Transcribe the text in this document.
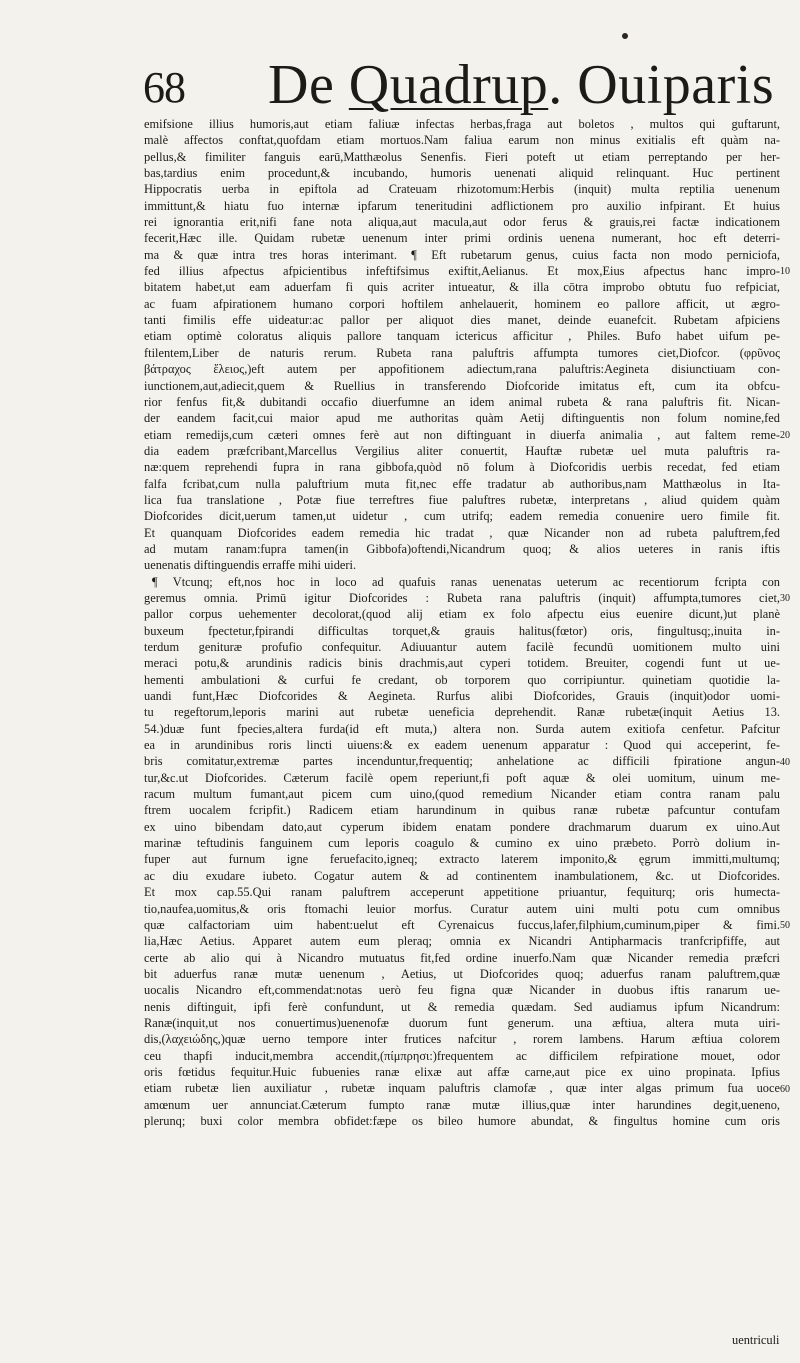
68 De Quadrup. Ouiparis
emifsione illius humoris,aut etiam faliuæ infectas herbas,fraga aut boletos , multos qui guftarunt,
malè affectos conftat,quofdam etiam mortuos.Nam faliua earum non minus exitialis eft quàm na-
pellus,& fimiliter fanguis earū,Matthæolus Senenfis. Fieri poteft ut etiam perreptando per her-
bas,tardius enim procedunt,& incubando, humoris uenenati aliquid relinquant. Huc pertinent
Hippocratis uerba in epiftola ad Crateuam rhizotomum:Herbis (inquit) multa reptilia uenenum
immittunt,& hiatu fuo internæ ipfarum teneritudini adflictionem pro auxilio infpirant. Et huius
rei ignorantia erit,nifi fane nota aliqua,aut macula,aut odor ferus & grauis,rei factæ indicationem
fecerit,Hæc ille. Quidam rubetæ uenenum inter primi ordinis uenena numerant, hoc eft deterri-
ma & quæ intra tres horas interimant. ¶ Eft rubetarum genus, cuius facta non modo perniciofa,
fed illius afpectus afpicientibus infeftifsimus exiftit,Aelianus. Et mox,Eius afpectus hanc impro-
bitatem habet,ut eam aduerfam fi quis acriter intueatur, & illa cōtra improbo obtutu fuo refpiciat,
ac fuam afpirationem humano corpori hoftilem anhelauerit, hominem eo pallore afficit, ut ægro-
tanti fimilis effe uideatur:ac pallor per aliquot dies manet, deinde euanefcit. Rubetam afpiciens
etiam optimè coloratus aliquis pallore tanquam ictericus afficitur , Philes. Bufo habet uifum pe-
ftilentem,Liber de naturis rerum. Rubeta rana paluftris affumpta tumores ciet,Diofcor. (φρῦνος
βάτραχος ἕλειος,)eft autem per appofitionem adiectum,rana paluftris:Aegineta disiunctiuam con-
iunctionem,aut,adiecit,quem & Ruellius in transferendo Diofcoride imitatus eft, cum ita obfcu-
rior fenfus fit,& dubitandi occafio diuerfumne an idem animal rubeta & rana paluftris fit. Nican-
der eandem facit,cui maior apud me authoritas quàm Aetij diftinguentis non folum nomine,fed
etiam remedijs,cum cæteri omnes ferè aut non diftinguant in diuerfa animalia , aut faltem reme-
dia eadem præfcribant,Marcellus Vergilius aliter conuertit, Hauftæ rubetæ uel muta paluftris ra-
næ:quem reprehendi fupra in rana gibbofa,quòd nō folum à Diofcoridis uerbis recedat, fed etiam
falfa fcribat,cum nulla paluftrium muta fit,nec effe tradatur ab authoribus,nam Matthæolus in Ita-
lica fua translatione , Potæ fiue terreftres fiue paluftres rubetæ, interpretans , aliud quidem quàm
Diofcorides dicit,uerum tamen,ut uidetur , cum utrifq; eadem remedia conuenire uero fimile fit.
Et quanquam Diofcorides eadem remedia hic tradat , quæ Nicander non ad rubeta paluftrem,fed
ad mutam ranam:fupra tamen(in Gibbofa)oftendi,Nicandrum quoq; & alios ueteres in ranis iftis
uenenatis diftinguendis erraffe mihi uideri.
¶ Vtcunq; eft,nos hoc in loco ad quafuis ranas uenenatas ueterum ac recentiorum fcripta con
geremus omnia. Primū igitur Diofcorides : Rubeta rana paluftris (inquit) affumpta,tumores ciet,
pallor corpus uehementer decolorat,(quod alij etiam ex folo afpectu eius euenire dicunt,)ut planè
buxeum fpectetur,fpirandi difficultas torquet,& grauis halitus(fœtor) oris, fingultusq;,inuita in-
terdum genituræ profufio confequitur. Adiuuantur autem facilè fecundū uomitionem multo uini
meraci potu,& arundinis radicis binis drachmis,aut cyperi totidem. Breuiter, cogendi funt ut ue-
hementi ambulationi & curfui fe credant, ob torporem quo corripiuntur. quinetiam quotidie la-
uandi funt,Hæc Diofcorides & Aegineta. Rurfus alibi Diofcorides, Grauis (inquit)odor uomi-
tu regeftorum,leporis marini aut rubetæ ueneficia deprehendit. Ranæ rubetæ(inquit Aetius 13.
54.)duæ funt fpecies,altera furda(id eft muta,) altera non. Surda autem exitiofa cenfetur. Pafcitur
ea in arundinibus roris lincti uiuens:& ex eadem uenenum apparatur : Quod qui acceperint, fe-
bris comitatur,extremæ partes incenduntur,frequentiq; anhelatione ac difficili fpiratione angun-
tur,&c.ut Diofcorides. Cæterum facilè opem reperiunt,fi poft aquæ & olei uomitum, uinum me-
racum multum fumant,aut picem cum uino,(quod remedium Nicander etiam contra ranam palu
ftrem uocalem fcripfit.) Radicem etiam harundinum in quibus ranæ rubetæ pafcuntur contufam
ex uino bibendam dato,aut cyperum ibidem enatam pondere drachmarum duarum ex uino.Aut
marinæ teftudinis fanguinem cum leporis coagulo & cumino ex uino præbeto. Porrò dolium in-
fuper aut furnum igne feruefacito,igneq; extracto laterem imponito,& ęgrum immitti,multumq;
ac diu exudare iubeto. Cogatur autem & ad continentem inambulationem, &c. ut Diofcorides.
Et mox cap.55.Qui ranam paluftrem acceperunt appetitione priuantur, fequiturq; oris humecta-
tio,naufea,uomitus,& oris ftomachi leuior morfus. Curatur autem uini multi potu cum omnibus
quæ calfactoriam uim habent:uelut eft Cyrenaicus fuccus,lafer,filphium,cuminum,piper & fimi.
lia,Hæc Aetius. Apparet autem eum pleraq; omnia ex Nicandri Antipharmacis tranfcripfiffe, aut
certe ab alio qui à Nicandro mutuatus fit,fed ordine inuerfo.Nam quæ Nicander remedia præfcri
bit aduerfus ranæ mutæ uenenum , Aetius, ut Diofcorides quoq; aduerfus ranam paluftrem,quæ
uocalis Nicandro eft,commendat:notas uerò feu figna quæ Nicander in duobus iftis ranarum ue-
nenis diftinguit, ipfi ferè confundunt, ut & remedia quædam. Sed audiamus ipfum Nicandrum:
Ranæ(inquit,ut nos conuertimus)uenenofæ duorum funt generum. una æftiua, altera muta uiri-
dis,(λαχειώδης,)quæ uerno tempore inter frutices nafcitur , rorem lambens. Harum æftiua colorem
ceu thapfi inducit,membra accendit,(πίμπρησι:)frequentem ac difficilem refpiratione mouet, odor
oris fœtidus fequitur.Huic fubuenies ranæ elixæ aut affæ carne,aut pice ex uino propinata. Ipfius
etiam rubetæ lien auxiliatur , rubetæ inquam paluftris clamofæ , quæ inter algas primum fua uoce
amœnum uer annunciat.Cæterum fumpto ranæ mutæ illius,quæ inter harundines degit,ueneno,
plerunq; buxi color membra obfidet:fæpe os bileo humore abundat, & fingultus homine cum oris
10
20
30
40
50
60
uentriculi
